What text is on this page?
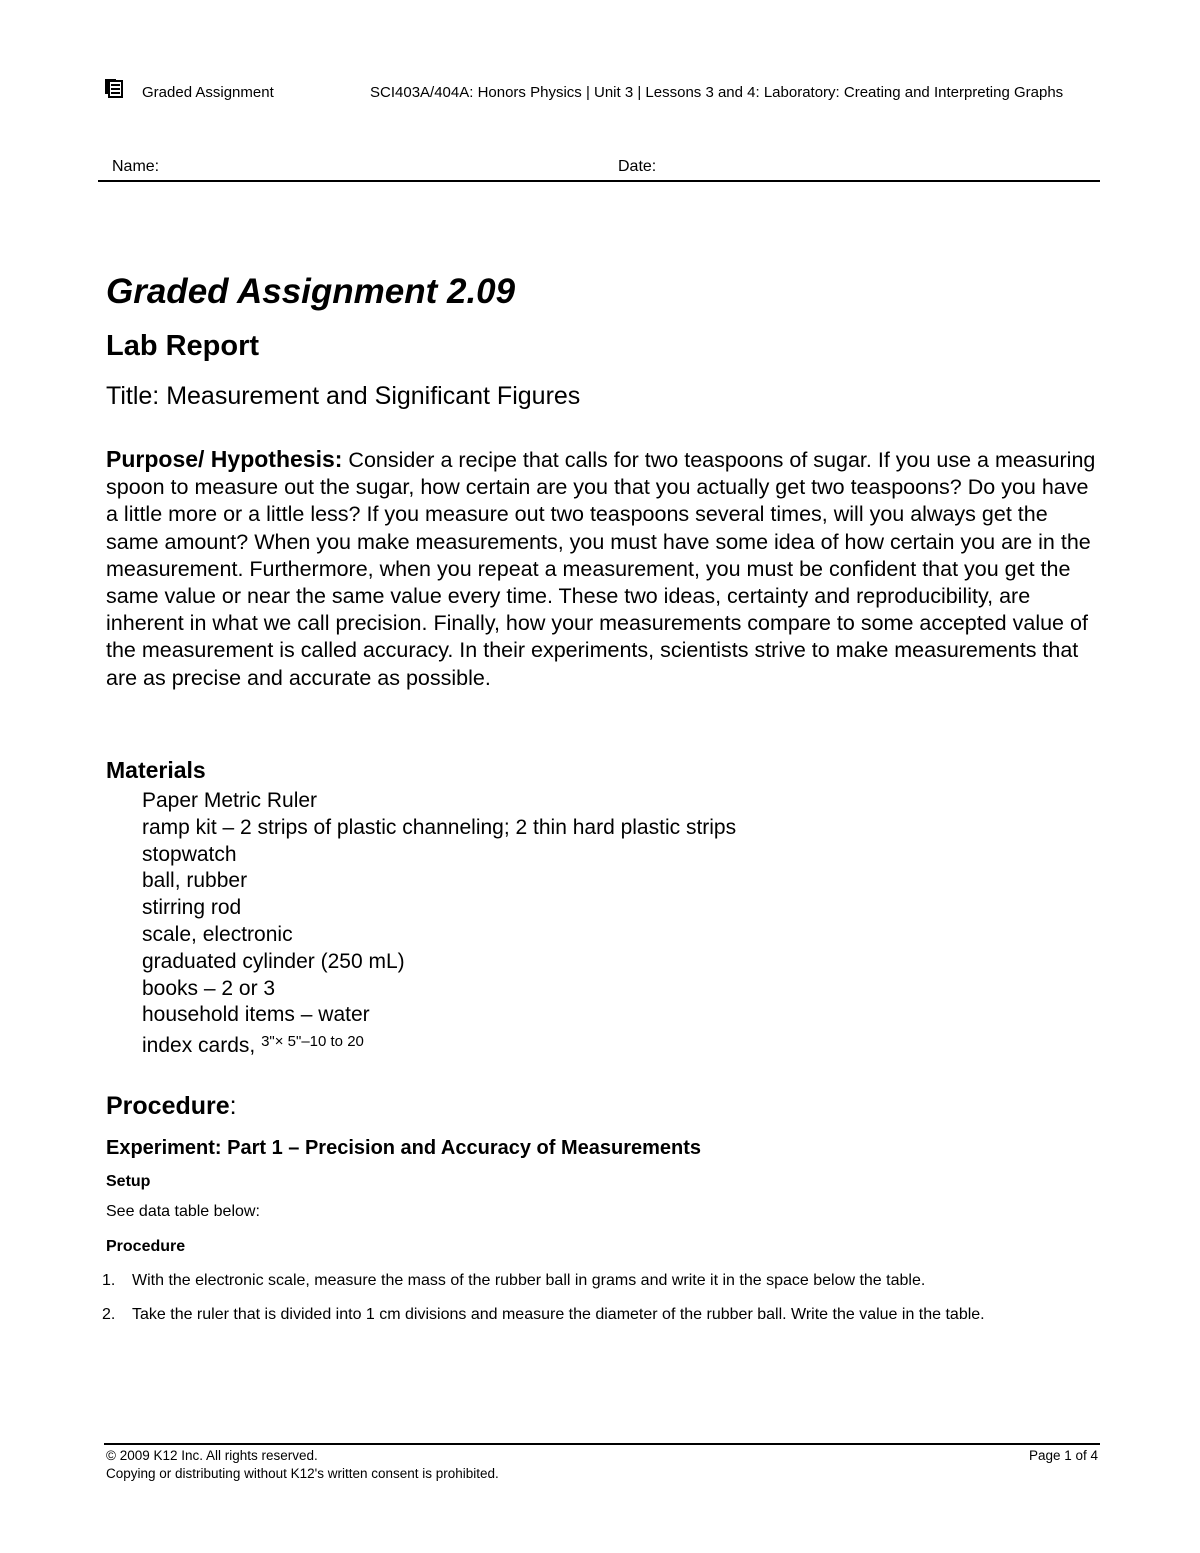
Graded Assignment	SCI403A/404A: Honors Physics | Unit 3 | Lessons 3 and 4: Laboratory: Creating and Interpreting Graphs
Name:	Date:
Graded Assignment 2.09
Lab Report
Title: Measurement and Significant Figures
Purpose/ Hypothesis: Consider a recipe that calls for two teaspoons of sugar. If you use a measuring spoon to measure out the sugar, how certain are you that you actually get two teaspoons? Do you have a little more or a little less? If you measure out two teaspoons several times, will you always get the same amount? When you make measurements, you must have some idea of how certain you are in the measurement. Furthermore, when you repeat a measurement, you must be confident that you get the same value or near the same value every time. These two ideas, certainty and reproducibility, are inherent in what we call precision. Finally, how your measurements compare to some accepted value of the measurement is called accuracy. In their experiments, scientists strive to make measurements that are as precise and accurate as possible.
Materials
Paper Metric Ruler
ramp kit – 2 strips of plastic channeling; 2 thin hard plastic strips
stopwatch
ball, rubber
stirring rod
scale, electronic
graduated cylinder (250 mL)
books – 2 or 3
household items – water
index cards, $^{3"\times 5"-10 to 20}$
Procedure:
Experiment: Part 1 – Precision and Accuracy of Measurements
Setup
See data table below:
Procedure
1. With the electronic scale, measure the mass of the rubber ball in grams and write it in the space below the table.
2. Take the ruler that is divided into 1 cm divisions and measure the diameter of the rubber ball. Write the value in the table.
© 2009 K12 Inc. All rights reserved.
Copying or distributing without K12's written consent is prohibited.
Page 1 of 4
